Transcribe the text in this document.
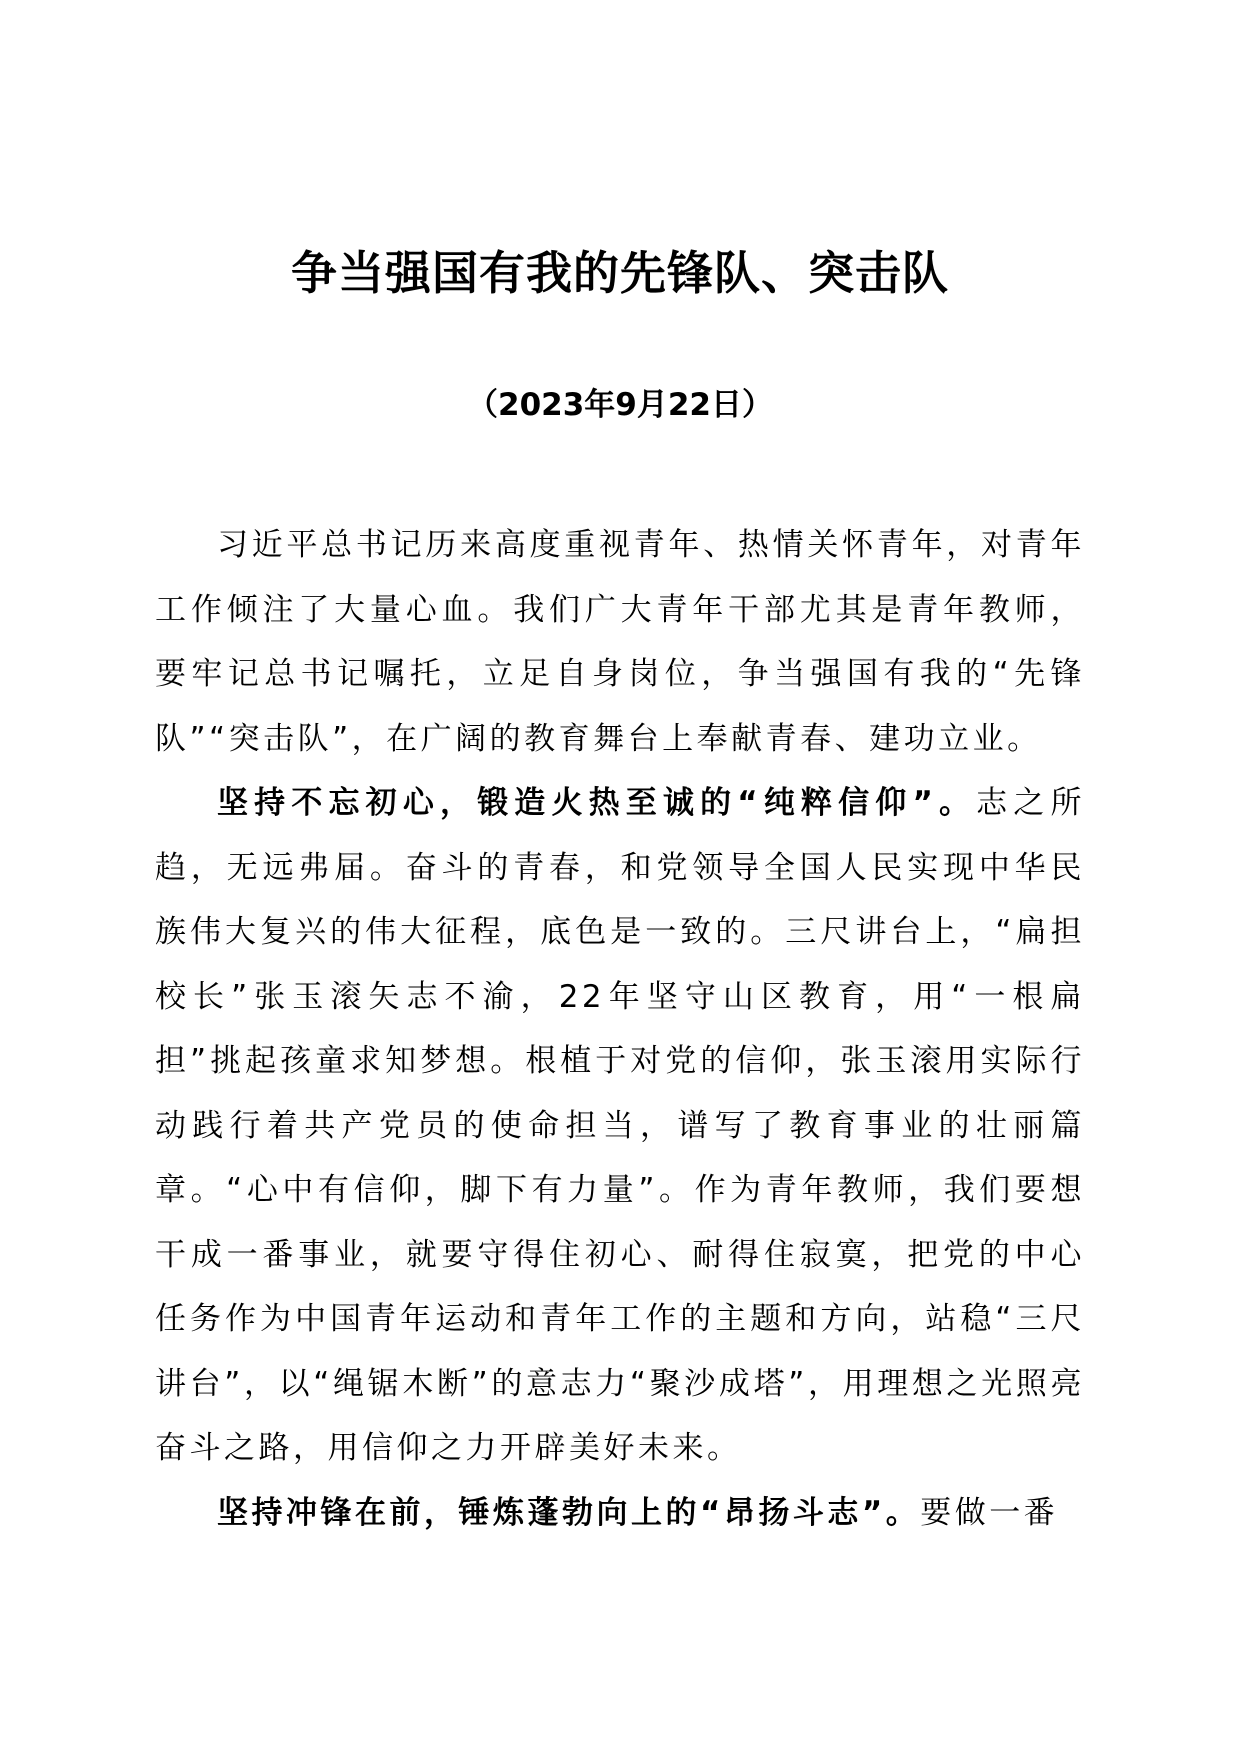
争当强国有我的先锋队、突击队
（2023年9月22日）

习近平总书记历来高度重视青年、热情关怀青年，对青年工作倾注了大量心血。我们广大青年干部尤其是青年教师，要牢记总书记嘱托，立足自身岗位，争当强国有我的“先锋队”“突击队”，在广阔的教育舞台上奉献青春、建功立业。

坚持不忘初心，锻造火热至诚的“纯粹信仰”。志之所趋，无远弗届。奋斗的青春，和党领导全国人民实现中华民族伟大复兴的伟大征程，底色是一致的。三尺讲台上，“扁担校长”张玉滚矢志不渝，22年坚守山区教育，用“一根扁担”挑起孩童求知梦想。根植于对党的信仰，张玉滚用实际行动践行着共产党员的使命担当，谱写了教育事业的壮丽篇章。“心中有信仰，脚下有力量”。作为青年教师，我们要想干成一番事业，就要守得住初心、耐得住寂寞，把党的中心任务作为中国青年运动和青年工作的主题和方向，站稳“三尺讲台”，以“绳锯木断”的意志力“聚沙成塔”，用理想之光照亮奋斗之路，用信仰之力开辟美好未来。

坚持冲锋在前，锤炼蓬勃向上的“昂扬斗志”。要做一番
